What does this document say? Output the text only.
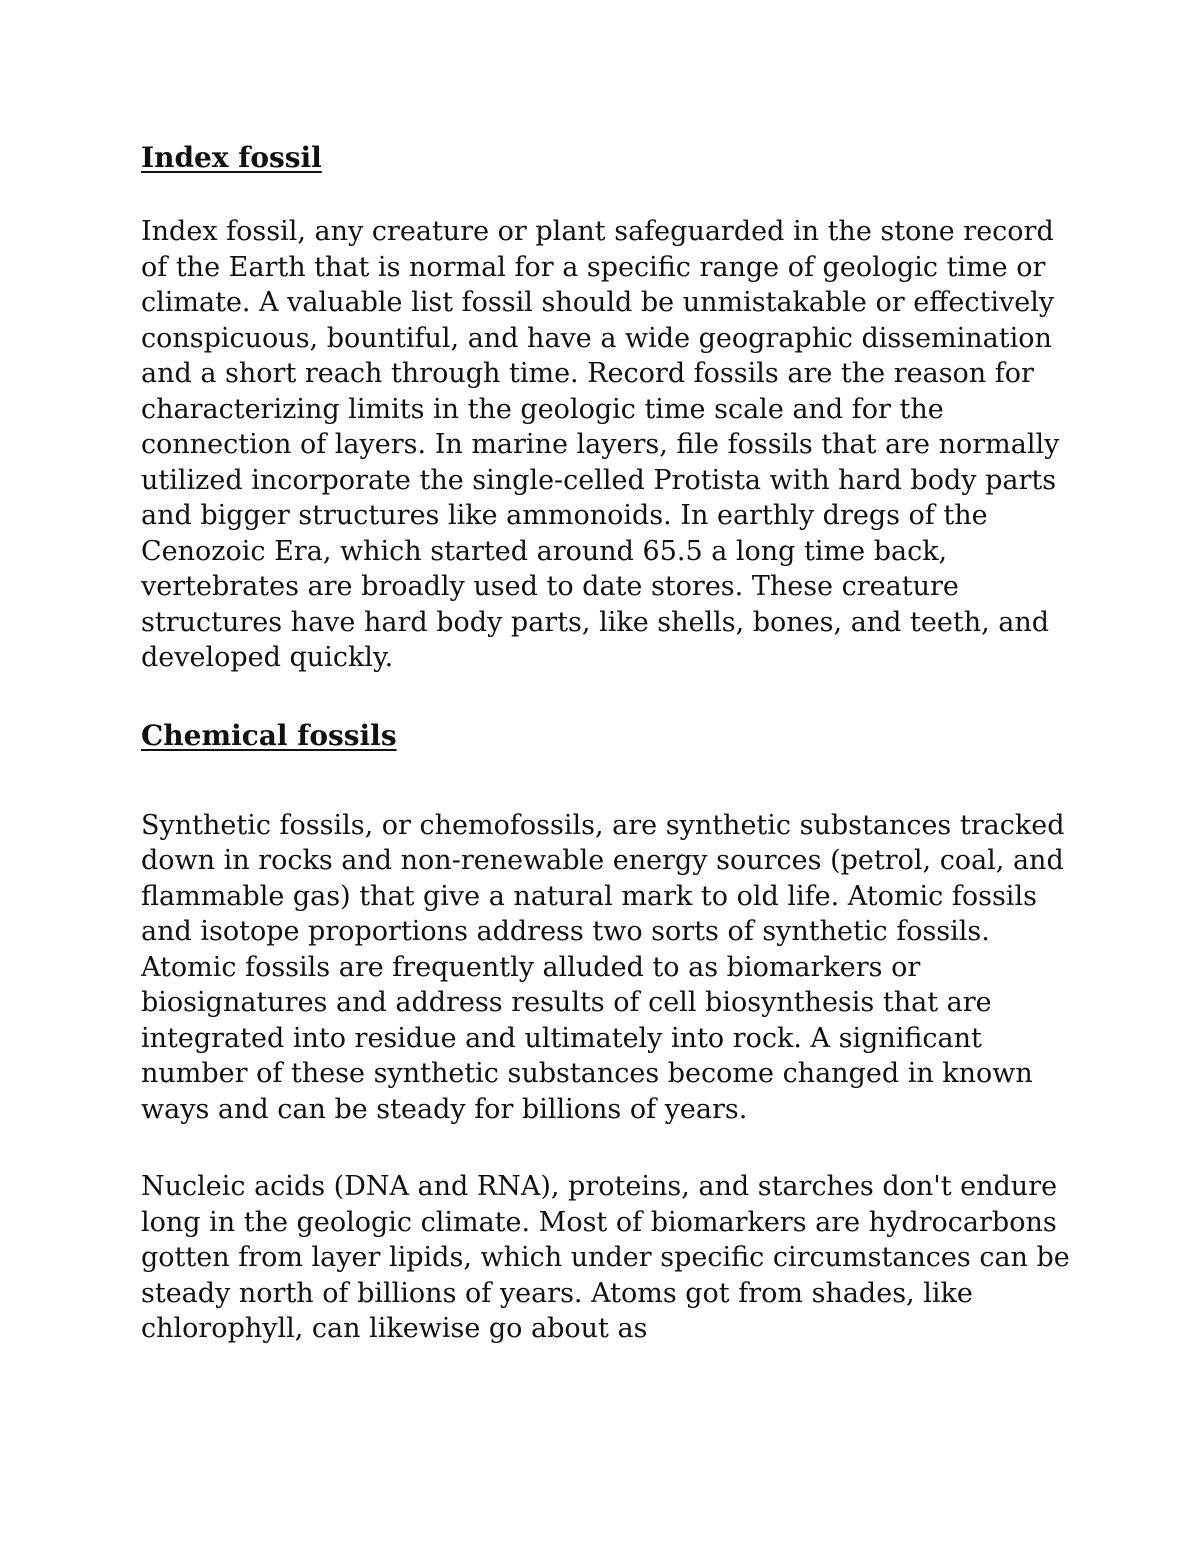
Index fossil

Index fossil, any creature or plant safeguarded in the stone record of the Earth that is normal for a specific range of geologic time or climate. A valuable list fossil should be unmistakable or effectively conspicuous, bountiful, and have a wide geographic dissemination and a short reach through time. Record fossils are the reason for characterizing limits in the geologic time scale and for the connection of layers. In marine layers, file fossils that are normally utilized incorporate the single-celled Protista with hard body parts and bigger structures like ammonoids. In earthly dregs of the Cenozoic Era, which started around 65.5 a long time back, vertebrates are broadly used to date stores. These creature structures have hard body parts, like shells, bones, and teeth, and developed quickly.

Chemical fossils

Synthetic fossils, or chemofossils, are synthetic substances tracked down in rocks and non-renewable energy sources (petrol, coal, and flammable gas) that give a natural mark to old life. Atomic fossils and isotope proportions address two sorts of synthetic fossils.

Atomic fossils are frequently alluded to as biomarkers or biosignatures and address results of cell biosynthesis that are integrated into residue and ultimately into rock. A significant number of these synthetic substances become changed in known ways and can be steady for billions of years.

Nucleic acids (DNA and RNA), proteins, and starches don't endure long in the geologic climate. Most of biomarkers are hydrocarbons gotten from layer lipids, which under specific circumstances can be steady north of billions of years. Atoms got from shades, like chlorophyll, can likewise go about as
